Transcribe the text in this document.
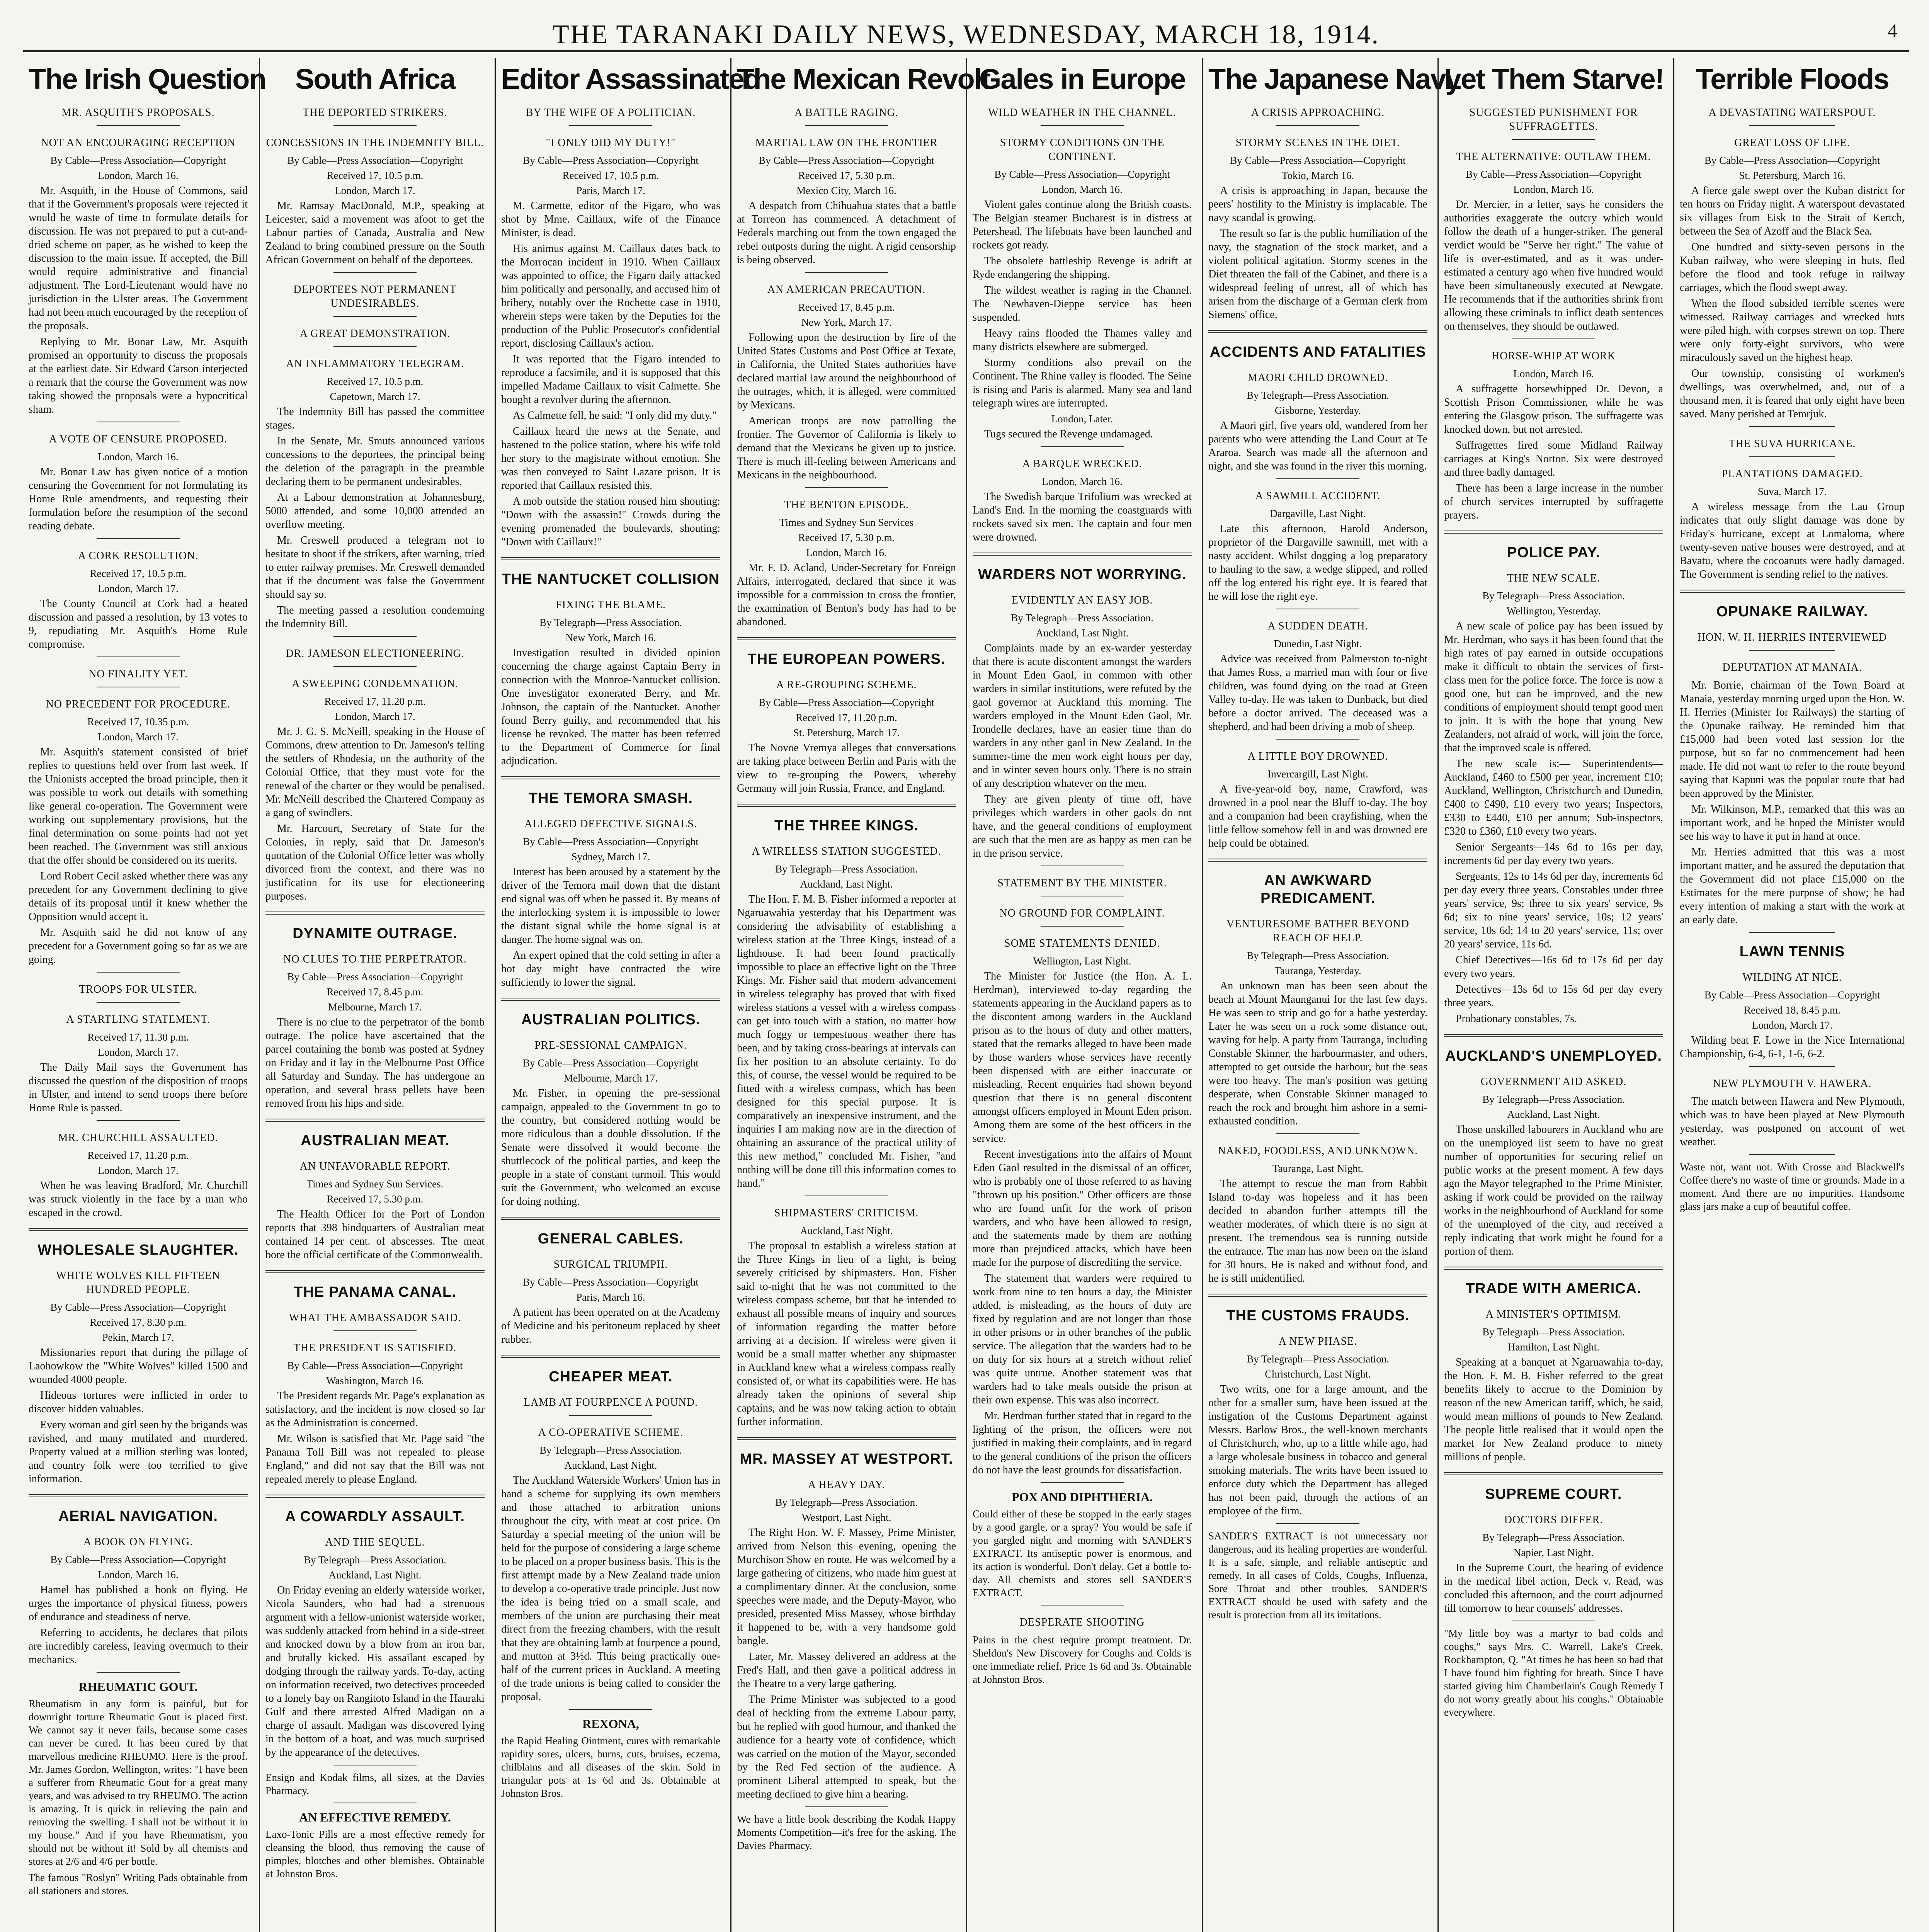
THE TARANAKI DAILY NEWS, WEDNESDAY, MARCH 18, 1914.	4
The Irish Question
MR. ASQUITH'S PROPOSALS.
NOT AN ENCOURAGING RECEPTION
By Cable—Press Association—Copyright
London, March 16.

Mr. Asquith, in the House of Commons, said that if the Government's proposals were rejected it would be waste of time to formulate details for discussion. He was not prepared to put a cut-and-dried scheme on paper, as he wished to keep the discussion to the main issue. If accepted, the Bill would require administrative and financial adjustment. The Lord-Lieutenant would have no jurisdiction in the Ulster areas. The Government had not been much encouraged by the reception of the proposals.

Replying to Mr. Bonar Law, Mr. Asquith promised an opportunity to discuss the proposals at the earliest date. Sir Edward Carson interjected a remark that the course the Government was now taking showed the proposals were a hypocritical sham.

A VOTE OF CENSURE PROPOSED.
London, March 16.

Mr. Bonar Law has given notice of a motion censuring the Government for not formulating its Home Rule amendments, and requesting their formulation before the resumption of the second reading debate.

A CORK RESOLUTION.
Received 17, 10.5 p.m.
London, March 17.

The County Council at Cork had a heated discussion and passed a resolution, by 13 votes to 9, repudiating Mr. Asquith's Home Rule compromise.

NO FINALITY YET.
NO PRECEDENT FOR PROCEDURE.
Received 17, 10.35 p.m.
London, March 17.

Mr. Asquith's statement consisted of brief replies to questions held over from last week. If the Unionists accepted the broad principle, then it was possible to work out details with something like general co-operation. The Government were working out supplementary provisions, but the final determination on some points had not yet been reached. The Government was still anxious that the offer should be considered on its merits.

Lord Robert Cecil asked whether there was any precedent for any Government declining to give details of its proposal until it knew whether the Opposition would accept it.

Mr. Asquith said he did not know of any precedent for a Government going so far as we are going.

TROOPS FOR ULSTER.
A STARTLING STATEMENT.
Received 17, 11.30 p.m.
London, March 17.

The Daily Mail says the Government has discussed the question of the disposition of troops in Ulster, and intend to send troops there before Home Rule is passed.

MR. CHURCHILL ASSAULTED.
Received 17, 11.20 p.m.
London, March 17.

When he was leaving Bradford, Mr. Churchill was struck violently in the face by a man who escaped in the crowd.

WHOLESALE SLAUGHTER.
WHITE WOLVES KILL FIFTEEN HUNDRED PEOPLE.
By Cable—Press Association—Copyright
Received 17, 8.30 p.m.
Pekin, March 17.

Missionaries report that during the pillage of Laohowkow the "White Wolves" killed 1500 and wounded 4000 people.

Hideous tortures were inflicted in order to discover hidden valuables.

Every woman and girl seen by the brigands was ravished, and many mutilated and murdered. Property valued at a million sterling was looted, and country folk were too terrified to give information.

AERIAL NAVIGATION.
A BOOK ON FLYING.
By Cable—Press Association—Copyright
London, March 16.

Hamel has published a book on flying. He urges the importance of physical fitness, powers of endurance and steadiness of nerve.

Referring to accidents, he declares that pilots are incredibly careless, leaving overmuch to their mechanics.

RHEUMATIC GOUT.
Rheumatism in any form is painful, but for downright torture Rheumatic Gout is placed first. We cannot say it never fails, because some cases can never be cured. It has been cured by that marvellous medicine RHEUMO. Here is the proof. Mr. James Gordon, Wellington, writes: "I have been a sufferer from Rheumatic Gout for a great many years, and was advised to try RHEUMO. The action is amazing. It is quick in relieving the pain and removing the swelling. I shall not be without it in my house." And if you have Rheumatism, you should not be without it! Sold by all chemists and stores at 2/6 and 4/6 per bottle.
The famous "Roslyn" Writing Pads obtainable from all stationers and stores.
South Africa
THE DEPORTED STRIKERS.
CONCESSIONS IN THE INDEMNITY BILL.
By Cable—Press Association—Copyright
Received 17, 10.5 p.m.
London, March 17.

Mr. Ramsay MacDonald, M.P., speaking at Leicester, said a movement was afoot to get the Labour parties of Canada, Australia and New Zealand to bring combined pressure on the South African Government on behalf of the deportees.

DEPORTEES NOT PERMANENT UNDESIRABLES.
A GREAT DEMONSTRATION.
AN INFLAMMATORY TELEGRAM.
Received 17, 10.5 p.m.
Capetown, March 17.

The Indemnity Bill has passed the committee stages.

In the Senate, Mr. Smuts announced various concessions to the deportees, the principal being the deletion of the paragraph in the preamble declaring them to be permanent undesirables.

At a Labour demonstration at Johannesburg, 5000 attended, and some 10,000 attended an overflow meeting.

Mr. Creswell produced a telegram not to hesitate to shoot if the strikers, after warning, tried to enter railway premises. Mr. Creswell demanded that if the document was false the Government should say so.

The meeting passed a resolution condemning the Indemnity Bill.

DR. JAMESON ELECTIONEERING.
A SWEEPING CONDEMNATION.
Received 17, 11.20 p.m.
London, March 17.

Mr. J. G. S. McNeill, speaking in the House of Commons, drew attention to Dr. Jameson's telling the settlers of Rhodesia, on the authority of the Colonial Office, that they must vote for the renewal of the charter or they would be penalised. Mr. McNeill described the Chartered Company as a gang of swindlers.

Mr. Harcourt, Secretary of State for the Colonies, in reply, said that Dr. Jameson's quotation of the Colonial Office letter was wholly divorced from the context, and there was no justification for its use for electioneering purposes.

DYNAMITE OUTRAGE.
NO CLUES TO THE PERPETRATOR.
By Cable—Press Association—Copyright
Received 17, 8.45 p.m.
Melbourne, March 17.

There is no clue to the perpetrator of the bomb outrage. The police have ascertained that the parcel containing the bomb was posted at Sydney on Friday and it lay in the Melbourne Post Office all Saturday and Sunday. The has undergone an operation, and several brass pellets have been removed from his hips and side.

AUSTRALIAN MEAT.
AN UNFAVORABLE REPORT.
Times and Sydney Sun Services.
Received 17, 5.30 p.m.

The Health Officer for the Port of London reports that 398 hindquarters of Australian meat contained 14 per cent. of abscesses. The meat bore the official certificate of the Commonwealth.

THE PANAMA CANAL.
WHAT THE AMBASSADOR SAID.
THE PRESIDENT IS SATISFIED.
By Cable—Press Association—Copyright
Washington, March 16.

The President regards Mr. Page's explanation as satisfactory, and the incident is now closed so far as the Administration is concerned.

Mr. Wilson is satisfied that Mr. Page said "the Panama Toll Bill was not repealed to please England," and did not say that the Bill was not repealed merely to please England.

A COWARDLY ASSAULT.
AND THE SEQUEL.
By Telegraph—Press Association.
Auckland, Last Night.

On Friday evening an elderly waterside worker, Nicola Saunders, who had had a strenuous argument with a fellow-unionist waterside worker, was suddenly attacked from behind in a side-street and knocked down by a blow from an iron bar, and brutally kicked. His assailant escaped by dodging through the railway yards. To-day, acting on information received, two detectives proceeded to a lonely bay on Rangitoto Island in the Hauraki Gulf and there arrested Alfred Madigan on a charge of assault. Madigan was discovered lying in the bottom of a boat, and was much surprised by the appearance of the detectives.

Ensign and Kodak films, all sizes, at the Davies Pharmacy.
AN EFFECTIVE REMEDY.
Laxo-Tonic Pills are a most effective remedy for cleansing the blood, thus removing the cause of pimples, blotches and other blemishes. Obtainable at Johnston Bros.
Editor Assassinated
BY THE WIFE OF A POLITICIAN.
"I ONLY DID MY DUTY!"
By Cable—Press Association—Copyright
Received 17, 10.5 p.m.
Paris, March 17.

M. Carmette, editor of the Figaro, who was shot by Mme. Caillaux, wife of the Finance Minister, is dead.

His animus against M. Caillaux dates back to the Morrocan incident in 1910. When Caillaux was appointed to office, the Figaro daily attacked him politically and personally, and accused him of bribery, notably over the Rochette case in 1910, wherein steps were taken by the Deputies for the production of the Public Prosecutor's confidential report, disclosing Caillaux's action.

It was reported that the Figaro intended to reproduce a facsimile, and it is supposed that this impelled Madame Caillaux to visit Calmette. She bought a revolver during the afternoon.

As Calmette fell, he said: "I only did my duty."

Caillaux heard the news at the Senate, and hastened to the police station, where his wife told her story to the magistrate without emotion. She was then conveyed to Saint Lazare prison. It is reported that Caillaux resisted this.

A mob outside the station roused him shouting: "Down with the assassin!" Crowds during the evening promenaded the boulevards, shouting: "Down with Caillaux!"

THE NANTUCKET COLLISION
FIXING THE BLAME.
By Telegraph—Press Association.
New York, March 16.

Investigation resulted in divided opinion concerning the charge against Captain Berry in connection with the Monroe-Nantucket collision. One investigator exonerated Berry, and Mr. Johnson, the captain of the Nantucket. Another found Berry guilty, and recommended that his license be revoked. The matter has been referred to the Department of Commerce for final adjudication.

THE TEMORA SMASH.
ALLEGED DEFECTIVE SIGNALS.
By Cable—Press Association—Copyright
Sydney, March 17.

Interest has been aroused by a statement by the driver of the Temora mail down that the distant end signal was off when he passed it. By means of the interlocking system it is impossible to lower the distant signal while the home signal is at danger. The home signal was on.

An expert opined that the cold setting in after a hot day might have contracted the wire sufficiently to lower the signal.

AUSTRALIAN POLITICS.
PRE-SESSIONAL CAMPAIGN.
By Cable—Press Association—Copyright
Melbourne, March 17.

Mr. Fisher, in opening the pre-sessional campaign, appealed to the Government to go to the country, but considered nothing would be more ridiculous than a double dissolution. If the Senate were dissolved it would become the shuttlecock of the political parties, and keep the people in a state of constant turmoil. This would suit the Government, who welcomed an excuse for doing nothing.

GENERAL CABLES.
SURGICAL TRIUMPH.
By Cable—Press Association—Copyright
Paris, March 16.

A patient has been operated on at the Academy of Medicine and his peritoneum replaced by sheet rubber.

CHEAPER MEAT.
LAMB AT FOURPENCE A POUND.
A CO-OPERATIVE SCHEME.
By Telegraph—Press Association.
Auckland, Last Night.

The Auckland Waterside Workers' Union has in hand a scheme for supplying its own members and those attached to arbitration unions throughout the city, with meat at cost price. On Saturday a special meeting of the union will be held for the purpose of considering a large scheme to be placed on a proper business basis. This is the first attempt made by a New Zealand trade union to develop a co-operative trade principle. Just now the idea is being tried on a small scale, and members of the union are purchasing their meat direct from the freezing chambers, with the result that they are obtaining lamb at fourpence a pound, and mutton at 3½d. This being practically one-half of the current prices in Auckland. A meeting of the trade unions is being called to consider the proposal.

REXONA,
the Rapid Healing Ointment, cures with remarkable rapidity sores, ulcers, burns, cuts, bruises, eczema, chilblains and all diseases of the skin. Sold in triangular pots at 1s 6d and 3s. Obtainable at Johnston Bros.
The Mexican Revolt
A BATTLE RAGING.
MARTIAL LAW ON THE FRONTIER
By Cable—Press Association—Copyright
Received 17, 5.30 p.m.
Mexico City, March 16.

A despatch from Chihuahua states that a battle at Torreon has commenced. A detachment of Federals marching out from the town engaged the rebel outposts during the night. A rigid censorship is being observed.

AN AMERICAN PRECAUTION.
Received 17, 8.45 p.m.
New York, March 17.

Following upon the destruction by fire of the United States Customs and Post Office at Texate, in California, the United States authorities have declared martial law around the neighbourhood of the outrages, which, it is alleged, were committed by Mexicans.

American troops are now patrolling the frontier. The Governor of California is likely to demand that the Mexicans be given up to justice. There is much ill-feeling between Americans and Mexicans in the neighbourhood.

THE BENTON EPISODE.
Times and Sydney Sun Services
Received 17, 5.30 p.m.
London, March 16.

Mr. F. D. Acland, Under-Secretary for Foreign Affairs, interrogated, declared that since it was impossible for a commission to cross the frontier, the examination of Benton's body has had to be abandoned.

THE EUROPEAN POWERS.
A RE-GROUPING SCHEME.
By Cable—Press Association—Copyright
Received 17, 11.20 p.m.
St. Petersburg, March 17.

The Novoe Vremya alleges that conversations are taking place between Berlin and Paris with the view to re-grouping the Powers, whereby Germany will join Russia, France, and England.

THE THREE KINGS.
A WIRELESS STATION SUGGESTED.
By Telegraph—Press Association.
Auckland, Last Night.

The Hon. F. M. B. Fisher informed a reporter at Ngaruawahia yesterday that his Department was considering the advisability of establishing a wireless station at the Three Kings, instead of a lighthouse. It had been found practically impossible to place an effective light on the Three Kings. Mr. Fisher said that modern advancement in wireless telegraphy has proved that with fixed wireless stations a vessel with a wireless compass can get into touch with a station, no matter how much foggy or tempestuous weather there has been, and by taking cross-bearings at intervals can fix her position to an absolute certainty. To do this, of course, the vessel would be required to be fitted with a wireless compass, which has been designed for this special purpose. It is comparatively an inexpensive instrument, and the inquiries I am making now are in the direction of obtaining an assurance of the practical utility of this new method," concluded Mr. Fisher, "and nothing will be done till this information comes to hand."

SHIPMASTERS' CRITICISM.
Auckland, Last Night.

The proposal to establish a wireless station at the Three Kings in lieu of a light, is being severely criticised by shipmasters. Hon. Fisher said to-night that he was not committed to the wireless compass scheme, but that he intended to exhaust all possible means of inquiry and sources of information regarding the matter before arriving at a decision. If wireless were given it would be a small matter whether any shipmaster in Auckland knew what a wireless compass really consisted of, or what its capabilities were. He has already taken the opinions of several ship captains, and he was now taking action to obtain further information.

MR. MASSEY AT WESTPORT.
A HEAVY DAY.
By Telegraph—Press Association.
Westport, Last Night.

The Right Hon. W. F. Massey, Prime Minister, arrived from Nelson this evening, opening the Murchison Show en route. He was welcomed by a large gathering of citizens, who made him guest at a complimentary dinner. At the conclusion, some speeches were made, and the Deputy-Mayor, who presided, presented Miss Massey, whose birthday it happened to be, with a very handsome gold bangle.

Later, Mr. Massey delivered an address at the Fred's Hall, and then gave a political address in the Theatre to a very large gathering.

The Prime Minister was subjected to a good deal of heckling from the extreme Labour party, but he replied with good humour, and thanked the audience for a hearty vote of confidence, which was carried on the motion of the Mayor, seconded by the Red Fed section of the audience. A prominent Liberal attempted to speak, but the meeting declined to give him a hearing.

We have a little book describing the Kodak Happy Moments Competition—it's free for the asking. The Davies Pharmacy.
Gales in Europe
WILD WEATHER IN THE CHANNEL.
STORMY CONDITIONS ON THE CONTINENT.
By Cable—Press Association—Copyright
London, March 16.

Violent gales continue along the British coasts. The Belgian steamer Bucharest is in distress at Petershead. The lifeboats have been launched and rockets got ready.

The obsolete battleship Revenge is adrift at Ryde endangering the shipping.

The wildest weather is raging in the Channel. The Newhaven-Dieppe service has been suspended.

Heavy rains flooded the Thames valley and many districts elsewhere are submerged.

Stormy conditions also prevail on the Continent. The Rhine valley is flooded. The Seine is rising and Paris is alarmed. Many sea and land telegraph wires are interrupted.

London, Later.

Tugs secured the Revenge undamaged.

A BARQUE WRECKED.
London, March 16.

The Swedish barque Trifolium was wrecked at Land's End. In the morning the coastguards with rockets saved six men. The captain and four men were drowned.

WARDERS NOT WORRYING.
EVIDENTLY AN EASY JOB.
By Telegraph—Press Association.
Auckland, Last Night.

Complaints made by an ex-warder yesterday that there is acute discontent amongst the warders in Mount Eden Gaol, in common with other warders in similar institutions, were refuted by the gaol governor at Auckland this morning. The warders employed in the Mount Eden Gaol, Mr. Irondelle declares, have an easier time than do warders in any other gaol in New Zealand. In the summer-time the men work eight hours per day, and in winter seven hours only. There is no strain of any description whatever on the men.

They are given plenty of time off, have privileges which warders in other gaols do not have, and the general conditions of employment are such that the men are as happy as men can be in the prison service.

STATEMENT BY THE MINISTER.
NO GROUND FOR COMPLAINT.
SOME STATEMENTS DENIED.
Wellington, Last Night.

The Minister for Justice (the Hon. A. L. Herdman), interviewed to-day regarding the statements appearing in the Auckland papers as to the discontent among warders in the Auckland prison as to the hours of duty and other matters, stated that the remarks alleged to have been made by those warders whose services have recently been dispensed with are either inaccurate or misleading. Recent enquiries had shown beyond question that there is no general discontent amongst officers employed in Mount Eden prison. Among them are some of the best officers in the service.

Recent investigations into the affairs of Mount Eden Gaol resulted in the dismissal of an officer, who is probably one of those referred to as having "thrown up his position." Other officers are those who are found unfit for the work of prison warders, and who have been allowed to resign, and the statements made by them are nothing more than prejudiced attacks, which have been made for the purpose of discrediting the service.

The statement that warders were required to work from nine to ten hours a day, the Minister added, is misleading, as the hours of duty are fixed by regulation and are not longer than those in other prisons or in other branches of the public service. The allegation that the warders had to be on duty for six hours at a stretch without relief was quite untrue. Another statement was that warders had to take meals outside the prison at their own expense. This was also incorrect.

Mr. Herdman further stated that in regard to the lighting of the prison, the officers were not justified in making their complaints, and in regard to the general conditions of the prison the officers do not have the least grounds for dissatisfaction.

POX AND DIPHTHERIA.
Could either of these be stopped in the early stages by a good gargle, or a spray? You would be safe if you gargled night and morning with SANDER'S EXTRACT. Its antiseptic power is enormous, and its action is wonderful. Don't delay. Get a bottle to-day. All chemists and stores sell SANDER'S EXTRACT.
DESPERATE SHOOTING
Pains in the chest require prompt treatment. Dr. Sheldon's New Discovery for Coughs and Colds is one immediate relief. Price 1s 6d and 3s. Obtainable at Johnston Bros.
The Japanese Navy
A CRISIS APPROACHING.
STORMY SCENES IN THE DIET.
By Cable—Press Association—Copyright
Tokio, March 16.

A crisis is approaching in Japan, because the peers' hostility to the Ministry is implacable. The navy scandal is growing.

The result so far is the public humiliation of the navy, the stagnation of the stock market, and a violent political agitation. Stormy scenes in the Diet threaten the fall of the Cabinet, and there is a widespread feeling of unrest, all of which has arisen from the discharge of a German clerk from Siemens' office.

ACCIDENTS AND FATALITIES
MAORI CHILD DROWNED.
By Telegraph—Press Association.
Gisborne, Yesterday.

A Maori girl, five years old, wandered from her parents who were attending the Land Court at Te Araroa. Search was made all the afternoon and night, and she was found in the river this morning.

A SAWMILL ACCIDENT.
Dargaville, Last Night.

Late this afternoon, Harold Anderson, proprietor of the Dargaville sawmill, met with a nasty accident. Whilst dogging a log preparatory to hauling to the saw, a wedge slipped, and rolled off the log entered his right eye. It is feared that he will lose the right eye.

A SUDDEN DEATH.
Dunedin, Last Night.

Advice was received from Palmerston to-night that James Ross, a married man with four or five children, was found dying on the road at Green Valley to-day. He was taken to Dunback, but died before a doctor arrived. The deceased was a shepherd, and had been driving a mob of sheep.

A LITTLE BOY DROWNED.
Invercargill, Last Night.

A five-year-old boy, name, Crawford, was drowned in a pool near the Bluff to-day. The boy and a companion had been crayfishing, when the little fellow somehow fell in and was drowned ere help could be obtained.

AN AWKWARD PREDICAMENT.
VENTURESOME BATHER BEYOND REACH OF HELP.
By Telegraph—Press Association.
Tauranga, Yesterday.

An unknown man has been seen about the beach at Mount Maunganui for the last few days. He was seen to strip and go for a bathe yesterday. Later he was seen on a rock some distance out, waving for help. A party from Tauranga, including Constable Skinner, the harbourmaster, and others, attempted to get outside the harbour, but the seas were too heavy. The man's position was getting desperate, when Constable Skinner managed to reach the rock and brought him ashore in a semi-exhausted condition.

NAKED, FOODLESS, AND UNKNOWN.
Tauranga, Last Night.

The attempt to rescue the man from Rabbit Island to-day was hopeless and it has been decided to abandon further attempts till the weather moderates, of which there is no sign at present. The tremendous sea is running outside the entrance. The man has now been on the island for 30 hours. He is naked and without food, and he is still unidentified.

THE CUSTOMS FRAUDS.
A NEW PHASE.
By Telegraph—Press Association.
Christchurch, Last Night.

Two writs, one for a large amount, and the other for a smaller sum, have been issued at the instigation of the Customs Department against Messrs. Barlow Bros., the well-known merchants of Christchurch, who, up to a little while ago, had a large wholesale business in tobacco and general smoking materials. The writs have been issued to enforce duty which the Department has alleged has not been paid, through the actions of an employee of the firm.

SANDER'S EXTRACT is not unnecessary nor dangerous, and its healing properties are wonderful. It is a safe, simple, and reliable antiseptic and remedy. In all cases of Colds, Coughs, Influenza, Sore Throat and other troubles, SANDER'S EXTRACT should be used with safety and the result is protection from all its imitations.
Let Them Starve!
SUGGESTED PUNISHMENT FOR SUFFRAGETTES.
THE ALTERNATIVE: OUTLAW THEM.
By Cable—Press Association—Copyright
London, March 16.

Dr. Mercier, in a letter, says he considers the authorities exaggerate the outcry which would follow the death of a hunger-striker. The general verdict would be "Serve her right." The value of life is over-estimated, and as it was under-estimated a century ago when five hundred would have been simultaneously executed at Newgate. He recommends that if the authorities shrink from allowing these criminals to inflict death sentences on themselves, they should be outlawed.

HORSE-WHIP AT WORK
London, March 16.

A suffragette horsewhipped Dr. Devon, a Scottish Prison Commissioner, while he was entering the Glasgow prison. The suffragette was knocked down, but not arrested.

Suffragettes fired some Midland Railway carriages at King's Norton. Six were destroyed and three badly damaged.

There has been a large increase in the number of church services interrupted by suffragette prayers.

POLICE PAY.
THE NEW SCALE.
By Telegraph—Press Association.
Wellington, Yesterday.

A new scale of police pay has been issued by Mr. Herdman, who says it has been found that the high rates of pay earned in outside occupations make it difficult to obtain the services of first-class men for the police force. The force is now a good one, but can be improved, and the new conditions of employment should tempt good men to join. It is with the hope that young New Zealanders, not afraid of work, will join the force, that the improved scale is offered.

The new scale is:— Superintendents—Auckland, £460 to £500 per year, increment £10; Auckland, Wellington, Christchurch and Dunedin, £400 to £490, £10 every two years; Inspectors, £330 to £440, £10 per annum; Sub-inspectors, £320 to £360, £10 every two years.

Senior Sergeants—14s 6d to 16s per day, increments 6d per day every two years.

Sergeants, 12s to 14s 6d per day, increments 6d per day every three years. Constables under three years' service, 9s; three to six years' service, 9s 6d; six to nine years' service, 10s; 12 years' service, 10s 6d; 14 to 20 years' service, 11s; over 20 years' service, 11s 6d.

Chief Detectives—16s 6d to 17s 6d per day every two years.

Detectives—13s 6d to 15s 6d per day every three years.

Probationary constables, 7s.

AUCKLAND'S UNEMPLOYED.
GOVERNMENT AID ASKED.
By Telegraph—Press Association.
Auckland, Last Night.

Those unskilled labourers in Auckland who are on the unemployed list seem to have no great number of opportunities for securing relief on public works at the present moment. A few days ago the Mayor telegraphed to the Prime Minister, asking if work could be provided on the railway works in the neighbourhood of Auckland for some of the unemployed of the city, and received a reply indicating that work might be found for a portion of them.

TRADE WITH AMERICA.
A MINISTER'S OPTIMISM.
By Telegraph—Press Association.
Hamilton, Last Night.

Speaking at a banquet at Ngaruawahia to-day, the Hon. F. M. B. Fisher referred to the great benefits likely to accrue to the Dominion by reason of the new American tariff, which, he said, would mean millions of pounds to New Zealand. The people little realised that it would open the market for New Zealand produce to ninety millions of people.

SUPREME COURT.
DOCTORS DIFFER.
By Telegraph—Press Association.
Napier, Last Night.

In the Supreme Court, the hearing of evidence in the medical libel action, Deck v. Read, was concluded this afternoon, and the court adjourned till tomorrow to hear counsels' addresses.

"My little boy was a martyr to bad colds and coughs," says Mrs. C. Warrell, Lake's Creek, Rockhampton, Q. "At times he has been so bad that I have found him fighting for breath. Since I have started giving him Chamberlain's Cough Remedy I do not worry greatly about his coughs." Obtainable everywhere.
Terrible Floods
A DEVASTATING WATERSPOUT.
GREAT LOSS OF LIFE.
By Cable—Press Association—Copyright
St. Petersburg, March 16.

A fierce gale swept over the Kuban district for ten hours on Friday night. A waterspout devastated six villages from Eisk to the Strait of Kertch, between the Sea of Azoff and the Black Sea.

One hundred and sixty-seven persons in the Kuban railway, who were sleeping in huts, fled before the flood and took refuge in railway carriages, which the flood swept away.

When the flood subsided terrible scenes were witnessed. Railway carriages and wrecked huts were piled high, with corpses strewn on top. There were only forty-eight survivors, who were miraculously saved on the highest heap.

Our township, consisting of workmen's dwellings, was overwhelmed, and, out of a thousand men, it is feared that only eight have been saved. Many perished at Temrjuk.

THE SUVA HURRICANE.
PLANTATIONS DAMAGED.
Suva, March 17.

A wireless message from the Lau Group indicates that only slight damage was done by Friday's hurricane, except at Lomaloma, where twenty-seven native houses were destroyed, and at Bavatu, where the cocoanuts were badly damaged. The Government is sending relief to the natives.

OPUNAKE RAILWAY.
HON. W. H. HERRIES INTERVIEWED
DEPUTATION AT MANAIA.

Mr. Borrie, chairman of the Town Board at Manaia, yesterday morning urged upon the Hon. W. H. Herries (Minister for Railways) the starting of the Opunake railway. He reminded him that £15,000 had been voted last session for the purpose, but so far no commencement had been made. He did not want to refer to the route beyond saying that Kapuni was the popular route that had been approved by the Minister.

Mr. Wilkinson, M.P., remarked that this was an important work, and he hoped the Minister would see his way to have it put in hand at once.

Mr. Herries admitted that this was a most important matter, and he assured the deputation that the Government did not place £15,000 on the Estimates for the mere purpose of show; he had every intention of making a start with the work at an early date.

LAWN TENNIS
WILDING AT NICE.
By Cable—Press Association—Copyright
Received 18, 8.45 p.m.
London, March 17.

Wilding beat F. Lowe in the Nice International Championship, 6-4, 6-1, 1-6, 6-2.

NEW PLYMOUTH V. HAWERA.

The match between Hawera and New Plymouth, which was to have been played at New Plymouth yesterday, was postponed on account of wet weather.

Waste not, want not. With Crosse and Blackwell's Coffee there's no waste of time or grounds. Made in a moment. And there are no impurities. Handsome glass jars make a cup of beautiful coffee.
